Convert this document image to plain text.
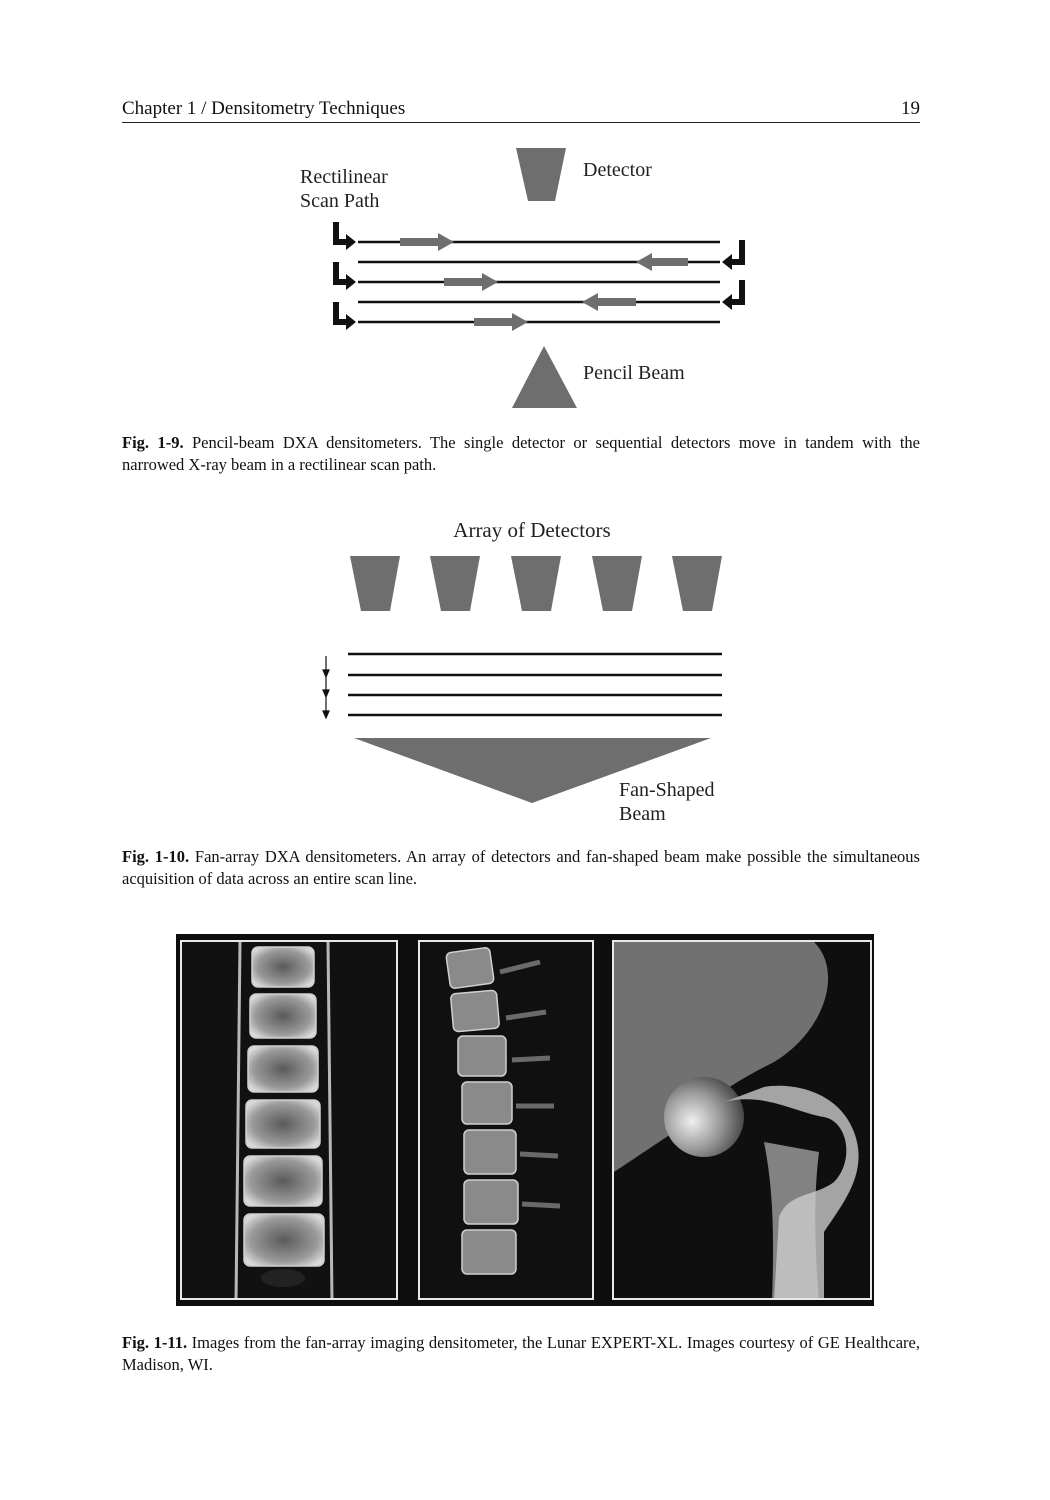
Chapter 1 / Densitometry Techniques	19
Rectilinear
Scan Path
Detector
Pencil Beam
Fig. 1-9. Pencil-beam DXA densitometers. The single detector or sequential detectors move in tandem with the narrowed X-ray beam in a rectilinear scan path.
Array of Detectors
Fan-Shaped
Beam
Fig. 1-10. Fan-array DXA densitometers. An array of detectors and fan-shaped beam make possible the simultaneous acquisition of data across an entire scan line.
Fig. 1-11. Images from the fan-array imaging densitometer, the Lunar EXPERT-XL. Images courtesy of GE Healthcare, Madison, WI.
